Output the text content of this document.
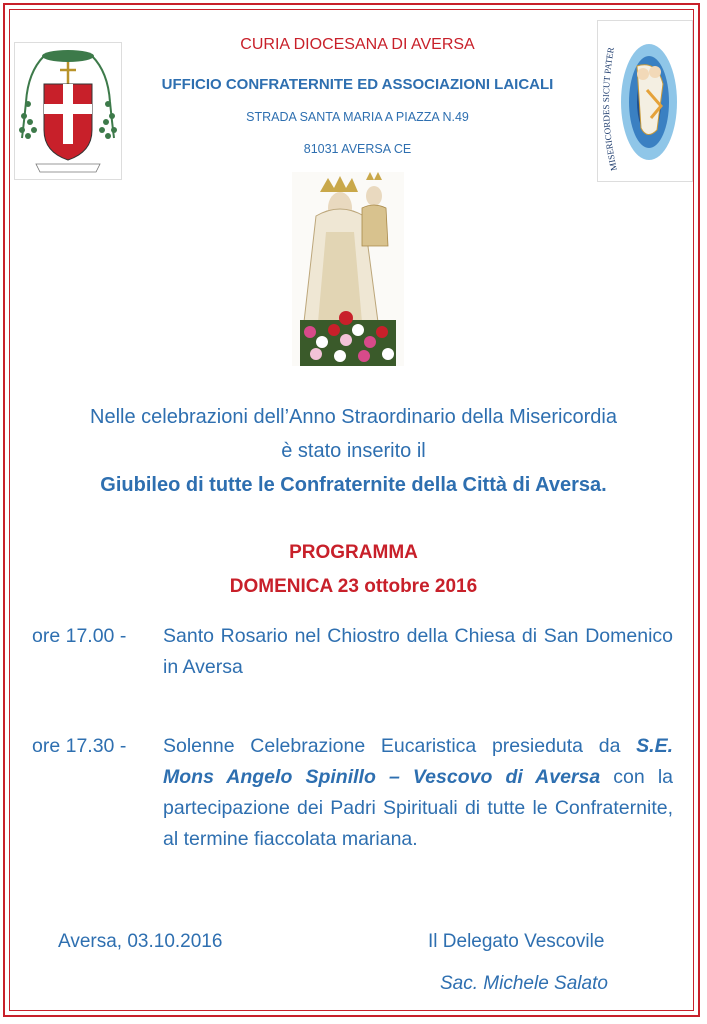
MISERICORDES SICUT PATER
CURIA DIOCESANA DI AVERSA
UFFICIO CONFRATERNITE ED ASSOCIAZIONI LAICALI
STRADA SANTA MARIA A PIAZZA N.49
81031 AVERSA CE
Nelle celebrazioni dell’Anno Straordinario della Misericordia
è stato inserito il
Giubileo di tutte le Confraternite della Città di Aversa.
PROGRAMMA
DOMENICA 23 ottobre 2016
ore 17.00 - Santo Rosario nel Chiostro della Chiesa di San Domenico in Aversa
ore 17.30 - Solenne Celebrazione Eucaristica presieduta da S.E. Mons Angelo Spinillo – Vescovo di Aversa con la partecipazione dei Padri Spirituali di tutte le Confraternite, al termine fiaccolata mariana.
Aversa, 03.10.2016	Il Delegato Vescovile
Sac. Michele Salato
